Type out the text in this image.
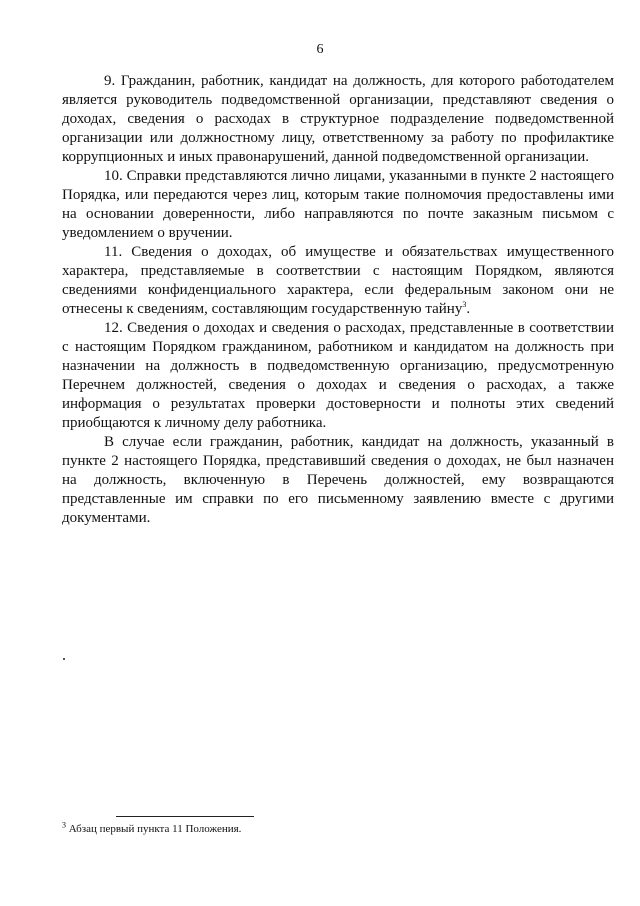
6

9. Гражданин, работник, кандидат на должность, для которого работодателем является руководитель подведомственной организации, представляют сведения о доходах, сведения о расходах в структурное подразделение подведомственной организации или должностному лицу, ответственному за работу по профилактике коррупционных и иных правонарушений, данной подведомственной организации.

10. Справки представляются лично лицами, указанными в пункте 2 настоящего Порядка, или передаются через лиц, которым такие полномочия предоставлены ими на основании доверенности, либо направляются по почте заказным письмом с уведомлением о вручении.

11. Сведения о доходах, об имуществе и обязательствах имущественного характера, представляемые в соответствии с настоящим Порядком, являются сведениями конфиденциального характера, если федеральным законом они не отнесены к сведениям, составляющим государственную тайну$^3$.

12. Сведения о доходах и сведения о расходах, представленные в соответствии с настоящим Порядком гражданином, работником и кандидатом на должность при назначении на должность в подведомственную организацию, предусмотренную Перечнем должностей, сведения о доходах и сведения о расходах, а также информация о результатах проверки достоверности и полноты этих сведений приобщаются к личному делу работника.

В случае если гражданин, работник, кандидат на должность, указанный в пункте 2 настоящего Порядка, представивший сведения о доходах, не был назначен на должность, включенную в Перечень должностей, ему возвращаются представленные им справки по его письменному заявлению вместе с другими документами.

$^3$ Абзац первый пункта 11 Положения.
